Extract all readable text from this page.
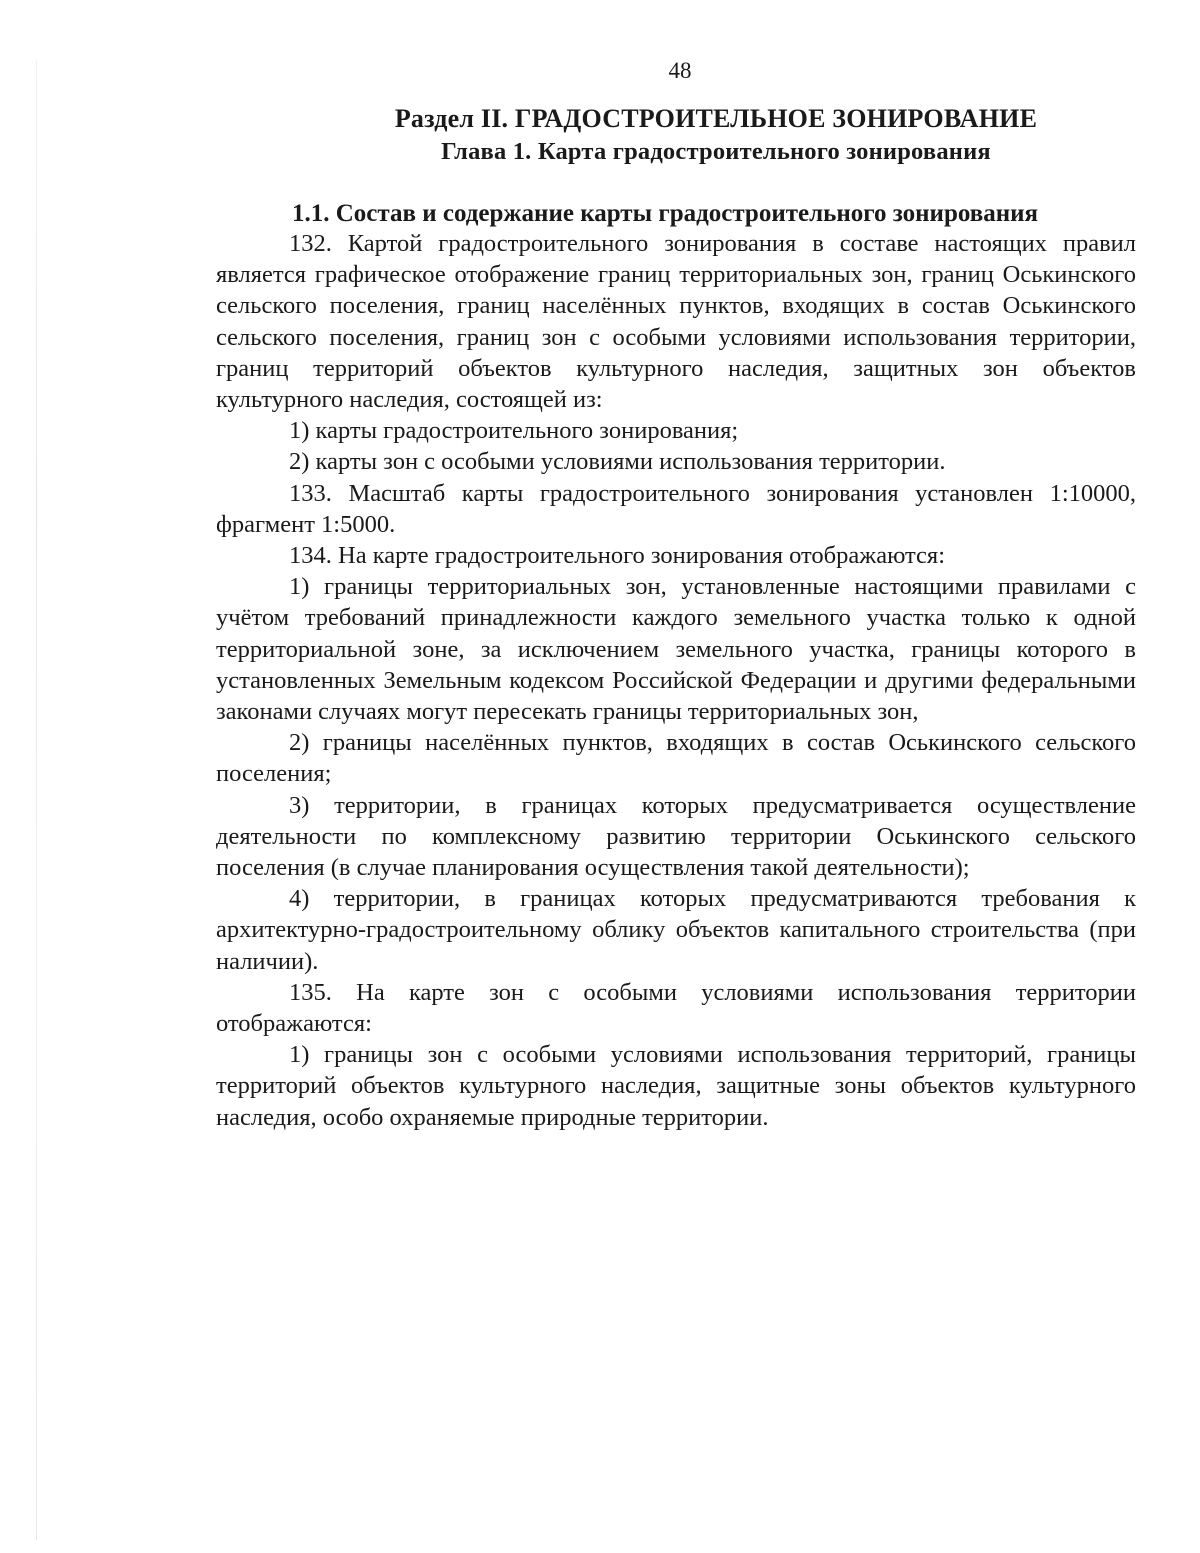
48
Раздел II. ГРАДОСТРОИТЕЛЬНОЕ ЗОНИРОВАНИЕ
Глава 1. Карта градостроительного зонирования
1.1. Состав и содержание карты градостроительного зонирования

132. Картой градостроительного зонирования в составе настоящих правил является графическое отображение границ территориальных зон, границ Оськинского сельского поселения, границ населённых пунктов, входящих в состав Оськинского сельского поселения, границ зон с особыми условиями использования территории, границ территорий объектов культурного наследия, защитных зон объектов культурного наследия, состоящей из:

1) карты градостроительного зонирования;

2) карты зон с особыми условиями использования территории.

133. Масштаб карты градостроительного зонирования установлен 1:10000, фрагмент 1:5000.

134. На карте градостроительного зонирования отображаются:

1) границы территориальных зон, установленные настоящими правилами с учётом требований принадлежности каждого земельного участка только к одной территориальной зоне, за исключением земельного участка, границы которого в установленных Земельным кодексом Российской Федерации и другими федеральными законами случаях могут пересекать границы территориальных зон,

2) границы населённых пунктов, входящих в состав Оськинского сельского поселения;

3) территории, в границах которых предусматривается осуществление деятельности по комплексному развитию территории Оськинского сельского поселения (в случае планирования осуществления такой деятельности);

4) территории, в границах которых предусматриваются требования к архитектурно-градостроительному облику объектов капитального строительства (при наличии).

135. На карте зон с особыми условиями использования территории отображаются:

1) границы зон с особыми условиями использования территорий, границы территорий объектов культурного наследия, защитные зоны объектов культурного наследия, особо охраняемые природные территории.
